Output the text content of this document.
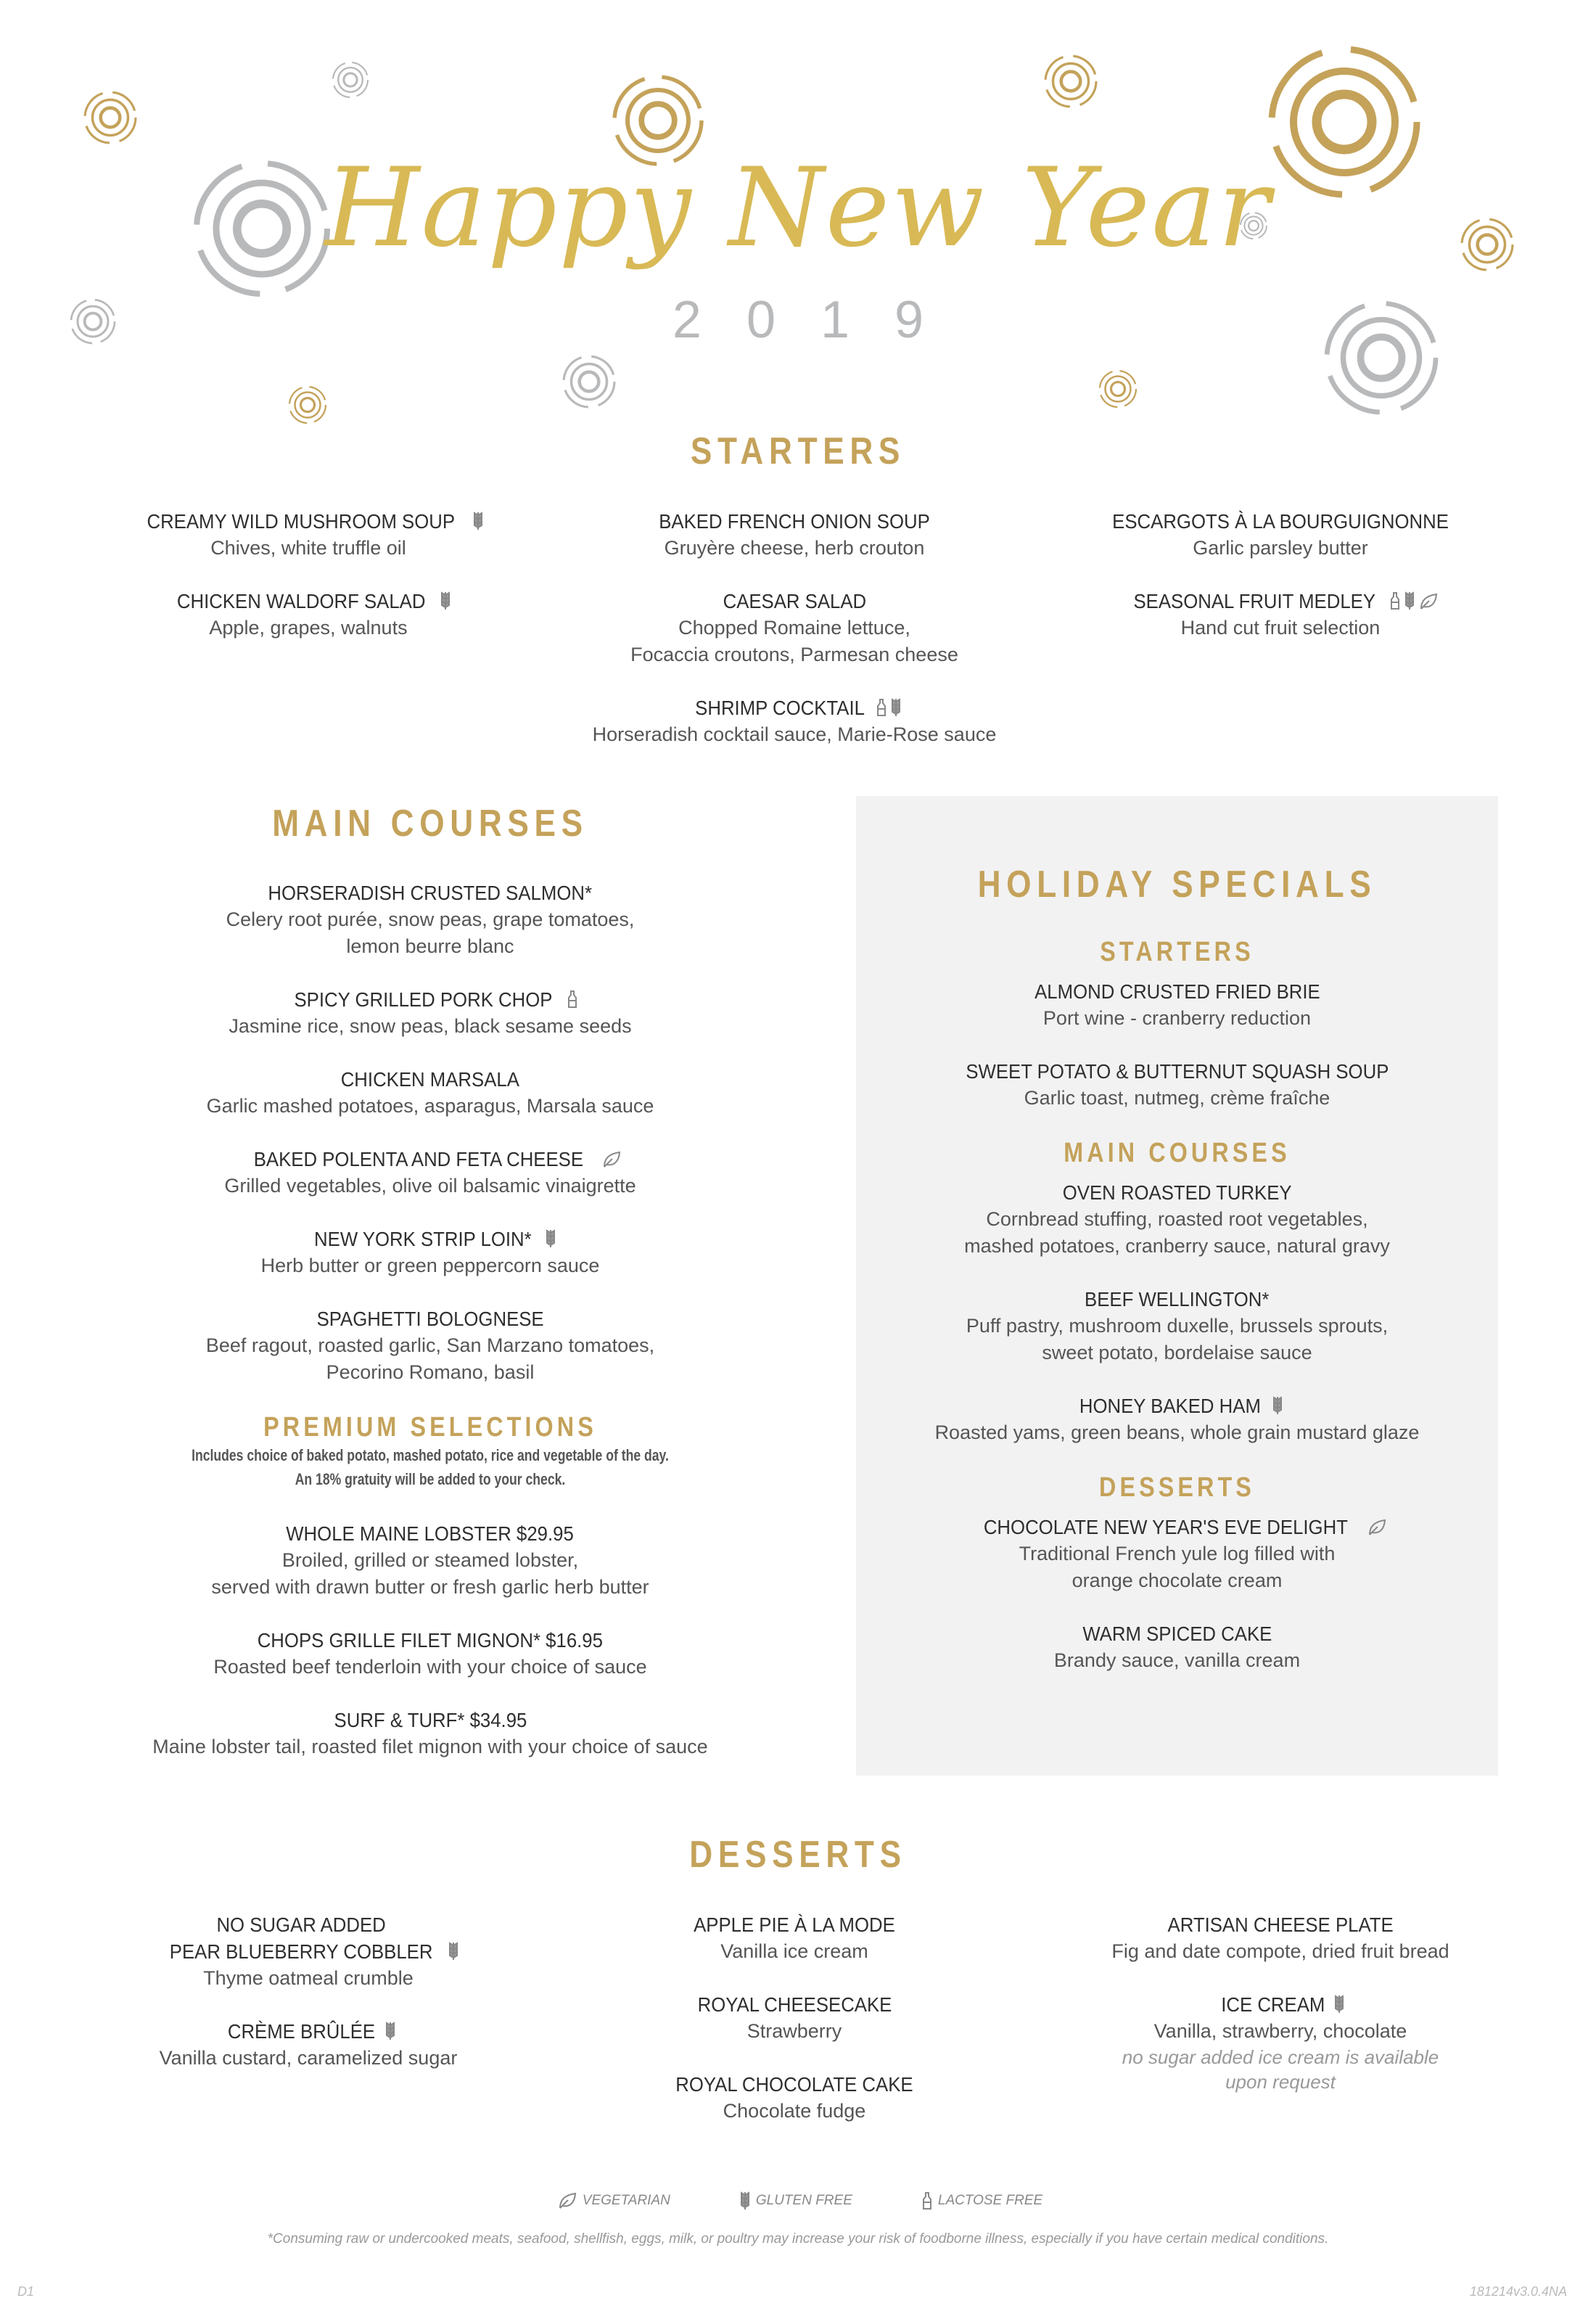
Happy New Year
2019
STARTERS
CREAMY WILD MUSHROOM SOUP
Chives, white truffle oil
CHICKEN WALDORF SALAD
Apple, grapes, walnuts
BAKED FRENCH ONION SOUP
Gruyère cheese, herb crouton
CAESAR SALAD
Chopped Romaine lettuce,
Focaccia croutons, Parmesan cheese
SHRIMP COCKTAIL
Horseradish cocktail sauce, Marie-Rose sauce
ESCARGOTS À LA BOURGUIGNONNE
Garlic parsley butter
SEASONAL FRUIT MEDLEY
Hand cut fruit selection
MAIN COURSES
HORSERADISH CRUSTED SALMON*
Celery root purée, snow peas, grape tomatoes,
lemon beurre blanc
SPICY GRILLED PORK CHOP
Jasmine rice, snow peas, black sesame seeds
CHICKEN MARSALA
Garlic mashed potatoes, asparagus, Marsala sauce
BAKED POLENTA AND FETA CHEESE
Grilled vegetables, olive oil balsamic vinaigrette
NEW YORK STRIP LOIN*
Herb butter or green peppercorn sauce
SPAGHETTI BOLOGNESE
Beef ragout, roasted garlic, San Marzano tomatoes,
Pecorino Romano, basil
PREMIUM SELECTIONS
Includes choice of baked potato, mashed potato, rice and vegetable of the day.
An 18% gratuity will be added to your check.
WHOLE MAINE LOBSTER $29.95
Broiled, grilled or steamed lobster,
served with drawn butter or fresh garlic herb butter
CHOPS GRILLE FILET MIGNON* $16.95
Roasted beef tenderloin with your choice of sauce
SURF & TURF* $34.95
Maine lobster tail, roasted filet mignon with your choice of sauce
HOLIDAY SPECIALS
STARTERS
ALMOND CRUSTED FRIED BRIE
Port wine - cranberry reduction
SWEET POTATO & BUTTERNUT SQUASH SOUP
Garlic toast, nutmeg, crème fraîche
MAIN COURSES
OVEN ROASTED TURKEY
Cornbread stuffing, roasted root vegetables,
mashed potatoes, cranberry sauce, natural gravy
BEEF WELLINGTON*
Puff pastry, mushroom duxelle, brussels sprouts,
sweet potato, bordelaise sauce
HONEY BAKED HAM
Roasted yams, green beans, whole grain mustard glaze
DESSERTS
CHOCOLATE NEW YEAR'S EVE DELIGHT
Traditional French yule log filled with
orange chocolate cream
WARM SPICED CAKE
Brandy sauce, vanilla cream
DESSERTS
NO SUGAR ADDED
PEAR BLUEBERRY COBBLER
Thyme oatmeal crumble
CRÈME BRÛLÉE
Vanilla custard, caramelized sugar
APPLE PIE À LA MODE
Vanilla ice cream
ROYAL CHEESECAKE
Strawberry
ROYAL CHOCOLATE CAKE
Chocolate fudge
ARTISAN CHEESE PLATE
Fig and date compote, dried fruit bread
ICE CREAM
Vanilla, strawberry, chocolate
no sugar added ice cream is available
upon request
VEGETARIAN	GLUTEN FREE	LACTOSE FREE
*Consuming raw or undercooked meats, seafood, shellfish, eggs, milk, or poultry may increase your risk of foodborne illness, especially if you have certain medical conditions.
D1	181214v3.0.4NA
